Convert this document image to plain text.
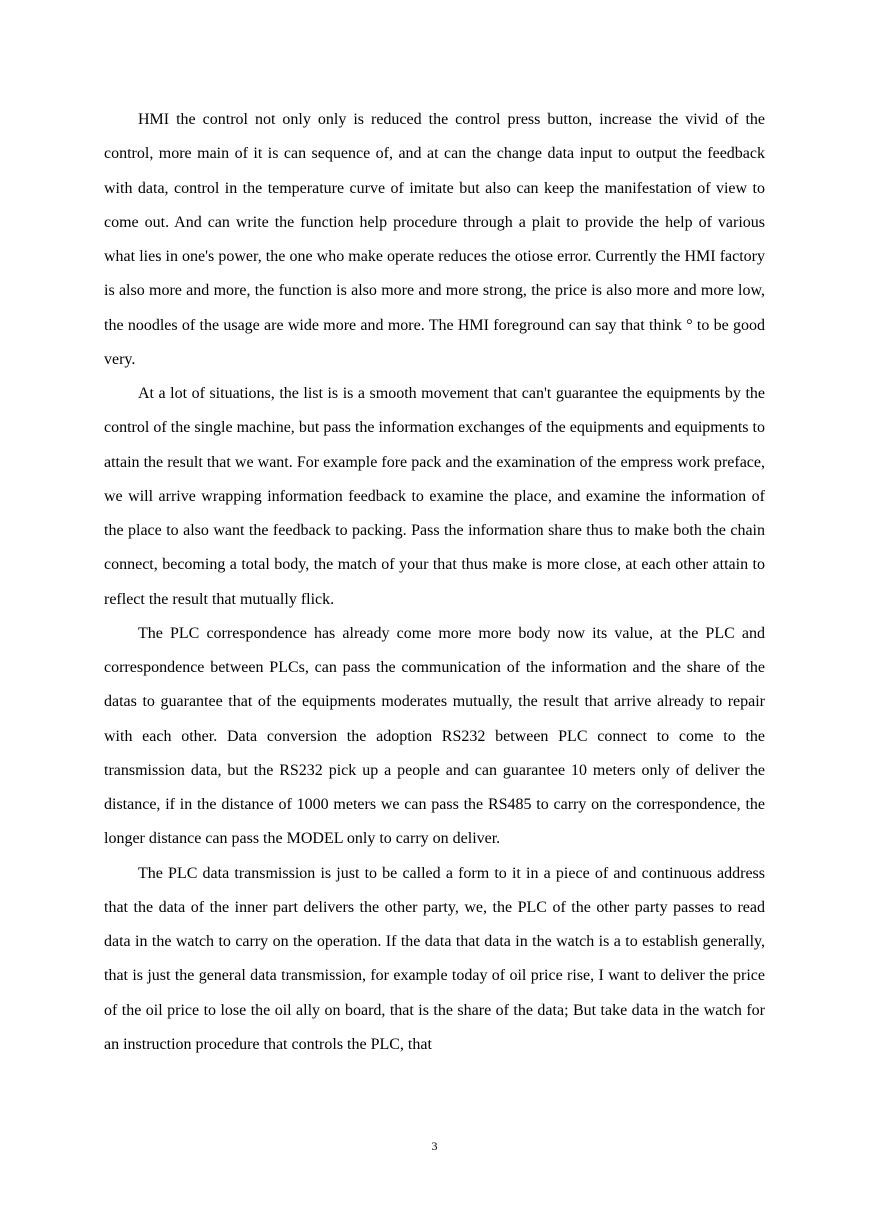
HMI the control not only only is reduced the control press button, increase the vivid of the control, more main of it is can sequence of, and at can the change data input to output the feedback with data, control in the temperature curve of imitate but also can keep the manifestation of view to come out. And can write the function help procedure through a plait to provide the help of various what lies in one's power, the one who make operate reduces the otiose error. Currently the HMI factory is also more and more, the function is also more and more strong, the price is also more and more low, the noodles of the usage are wide more and more. The HMI foreground can say that think ° to be good very.

At a lot of situations, the list is is a smooth movement that can't guarantee the equipments by the control of the single machine, but pass the information exchanges of the equipments and equipments to attain the result that we want. For example fore pack and the examination of the empress work preface, we will arrive wrapping information feedback to examine the place, and examine the information of the place to also want the feedback to packing. Pass the information share thus to make both the chain connect, becoming a total body, the match of your that thus make is more close, at each other attain to reflect the result that mutually flick.

The PLC correspondence has already come more more body now its value, at the PLC and correspondence between PLCs, can pass the communication of the information and the share of the datas to guarantee that of the equipments moderates mutually, the result that arrive already to repair with each other. Data conversion the adoption RS232 between PLC connect to come to the transmission data, but the RS232 pick up a people and can guarantee 10 meters only of deliver the distance, if in the distance of 1000 meters we can pass the RS485 to carry on the correspondence, the longer distance can pass the MODEL only to carry on deliver.

The PLC data transmission is just to be called a form to it in a piece of and continuous address that the data of the inner part delivers the other party, we, the PLC of the other party passes to read data in the watch to carry on the operation. If the data that data in the watch is a to establish generally, that is just the general data transmission, for example today of oil price rise, I want to deliver the price of the oil price to lose the oil ally on board, that is the share of the data; But take data in the watch for an instruction procedure that controls the PLC, that

3
